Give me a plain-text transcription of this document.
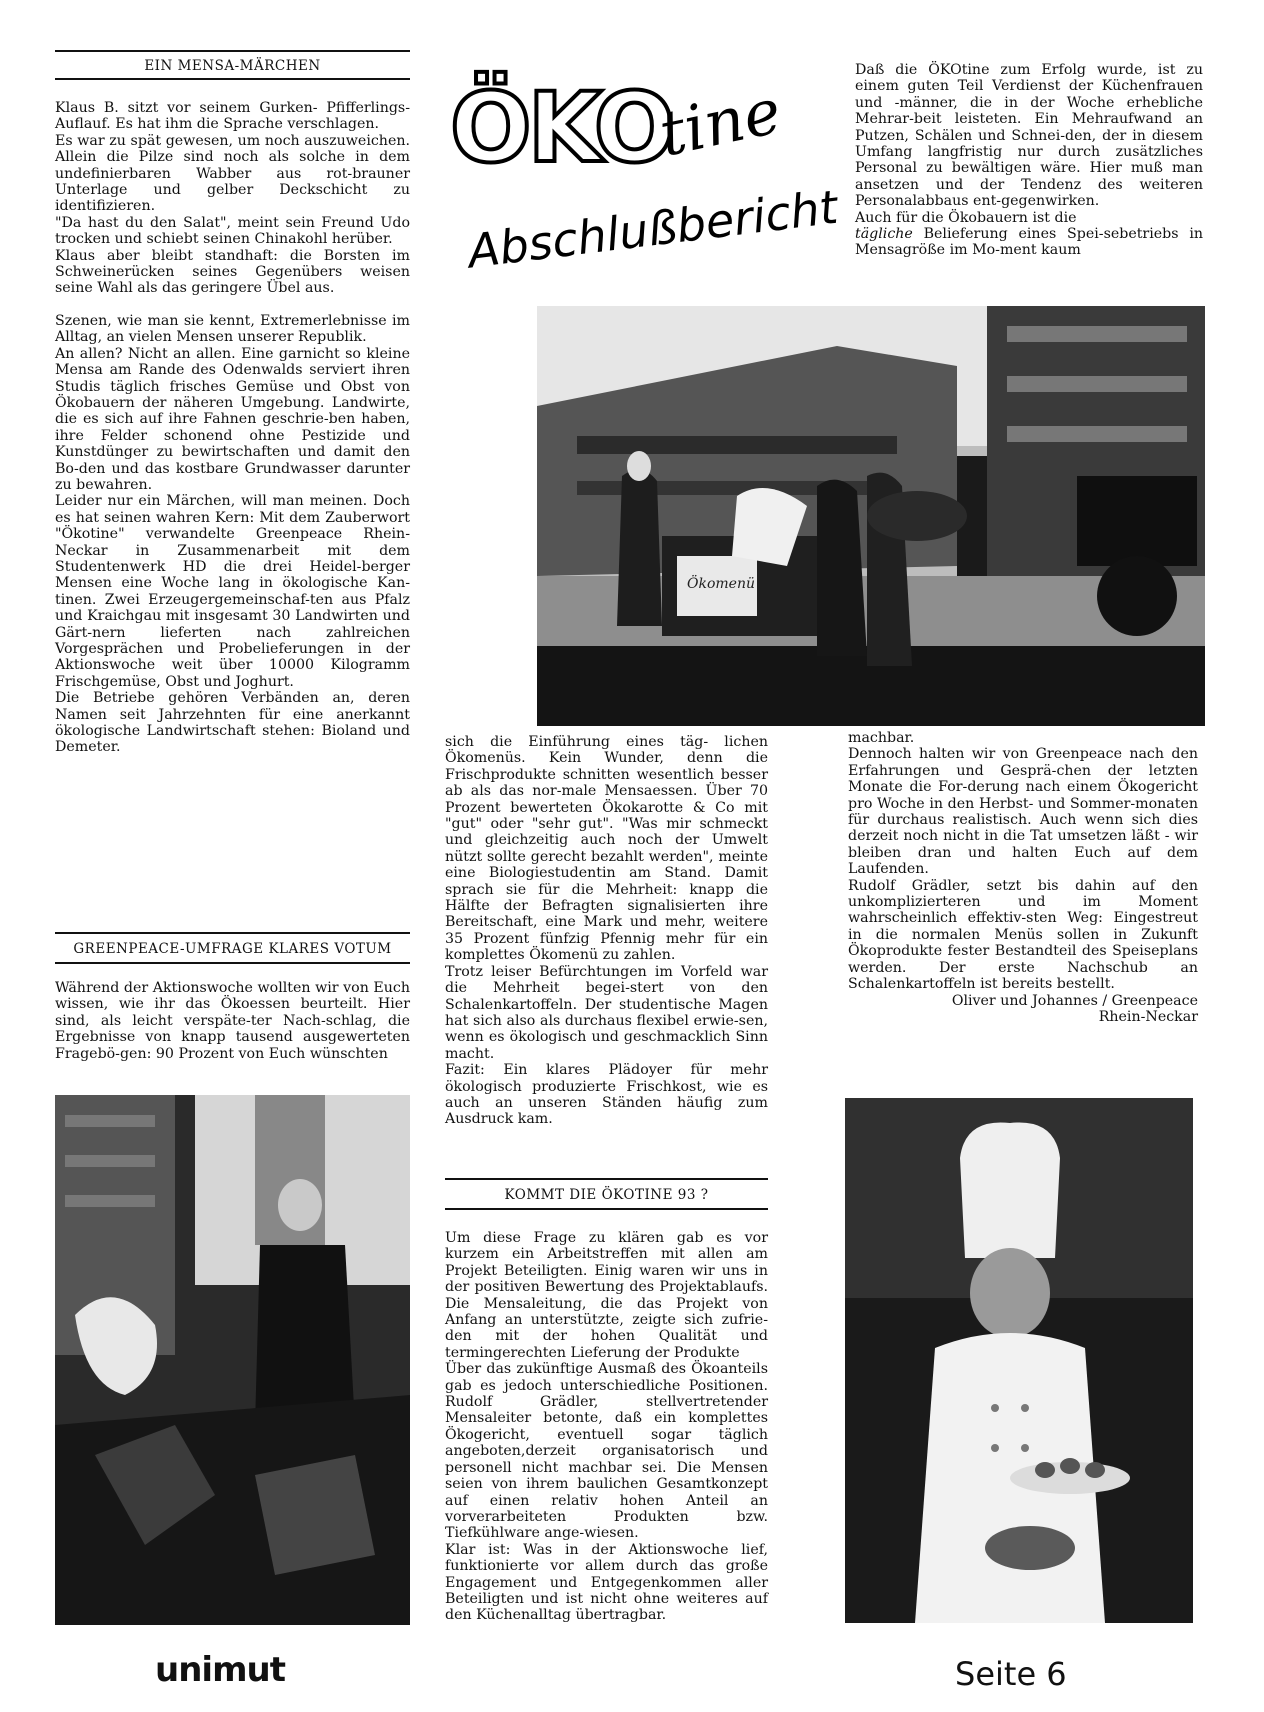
EIN MENSA-MÄRCHEN

Klaus B. sitzt vor seinem Gurken- Pfifferlings-Auflauf. Es hat ihm die Sprache verschlagen.

Es war zu spät gewesen, um noch auszuweichen. Allein die Pilze sind noch als solche in dem undefinierbaren Wabber aus rot-brauner Unterlage und gelber Deckschicht zu identifizieren.

"Da hast du den Salat", meint sein Freund Udo trocken und schiebt seinen Chinakohl herüber.

Klaus aber bleibt standhaft: die Borsten im Schweinerücken seines Gegenübers weisen seine Wahl als das geringere Übel aus.

Szenen, wie man sie kennt, Extremerlebnisse im Alltag, an vielen Mensen unserer Republik.

An allen? Nicht an allen. Eine garnicht so kleine Mensa am Rande des Odenwalds serviert ihren Studis täglich frisches Gemüse und Obst von Ökobauern der näheren Umgebung. Landwirte, die es sich auf ihre Fahnen geschrie-ben haben, ihre Felder schonend ohne Pestizide und Kunstdünger zu bewirtschaften und damit den Bo-den und das kostbare Grundwasser darunter zu bewahren.

Leider nur ein Märchen, will man meinen. Doch es hat seinen wahren Kern: Mit dem Zauberwort "Ökotine" verwandelte Greenpeace Rhein-Neckar in Zusammenarbeit mit dem Studentenwerk HD die drei Heidel-berger Mensen eine Woche lang in ökologische Kan-tinen. Zwei Erzeugergemeinschaf-ten aus Pfalz und Kraichgau mit insgesamt 30 Landwirten und Gärt-nern lieferten nach zahlreichen Vorgesprächen und Probelieferungen in der Aktionswoche weit über 10000 Kilogramm Frischgemüse, Obst und Joghurt.

Die Betriebe gehören Verbänden an, deren Namen seit Jahrzehnten für eine anerkannt ökologische Landwirtschaft stehen: Bioland und Demeter.

GREENPEACE-UMFRAGE KLARES VOTUM

Während der Aktionswoche wollten wir von Euch wissen, wie ihr das Ökoessen beurteilt. Hier sind, als leicht verspäte-ter Nach-schlag, die Ergebnisse von knapp tausend ausgewerteten Fragebö-gen: 90 Prozent von Euch wünschten

unimut
ÖKO
tine
Abschlußbericht
Ökomenü

sich die Einführung eines täg- lichen Ökomenüs. Kein Wunder, denn die Frischprodukte schnitten wesentlich besser ab als das nor-male Mensaessen. Über 70 Prozent bewerteten Ökokarotte & Co mit "gut" oder "sehr gut". "Was mir schmeckt und gleichzeitig auch noch der Umwelt nützt sollte gerecht bezahlt werden", meinte eine Biologiestudentin am Stand. Damit sprach sie für die Mehrheit: knapp die Hälfte der Befragten signalisierten ihre Bereitschaft, eine Mark und mehr, weitere 35 Prozent fünfzig Pfennig mehr für ein komplettes Ökomenü zu zahlen.

Trotz leiser Befürchtungen im Vorfeld war die Mehrheit begei-stert von den Schalenkartoffeln. Der studentische Magen hat sich also als durchaus flexibel erwie-sen, wenn es ökologisch und geschmacklich Sinn macht.

Fazit: Ein klares Plädoyer für mehr ökologisch produzierte Frischkost, wie es auch an unseren Ständen häufig zum Ausdruck kam.

KOMMT DIE ÖKOTINE 93 ?

Um diese Frage zu klären gab es vor kurzem ein Arbeitstreffen mit allen am Projekt Beteiligten. Einig waren wir uns in der positiven Bewertung des Projektablaufs. Die Mensaleitung, die das Projekt von Anfang an unterstützte, zeigte sich zufrie-den mit der hohen Qualität und termingerechten Lieferung der Produkte

Über das zukünftige Ausmaß des Ökoanteils gab es jedoch unterschiedliche Positionen. Rudolf Grädler, stellvertretender Mensaleiter betonte, daß ein komplettes Ökogericht, eventuell sogar täglich angeboten,derzeit organisatorisch und personell nicht machbar sei. Die Mensen seien von ihrem baulichen Gesamtkonzept auf einen relativ hohen Anteil an vorverarbeiteten Produkten bzw. Tiefkühlware ange-wiesen.

Klar ist: Was in der Aktionswoche lief, funktionierte vor allem durch das große Engagement und Entgegenkommen aller Beteiligten und ist nicht ohne weiteres auf den Küchenalltag übertragbar.

Daß die ÖKOtine zum Erfolg wurde, ist zu einem guten Teil Verdienst der Küchenfrauen und -männer, die in der Woche erhebliche Mehrar-beit leisteten. Ein Mehraufwand an Putzen, Schälen und Schnei-den, der in diesem Umfang langfristig nur durch zusätzliches Personal zu bewältigen wäre. Hier muß man ansetzen und der Tendenz des weiteren Personalabbaus ent-gegenwirken.

Auch für die Ökobauern ist die

tägliche Belieferung eines Spei-sebetriebs in Mensagröße im Mo-ment kaum

machbar.

Dennoch halten wir von Greenpeace nach den Erfahrungen und Gesprä-chen der letzten Monate die For-derung nach einem Ökogericht pro Woche in den Herbst- und Sommer-monaten für durchaus realistisch. Auch wenn sich dies derzeit noch nicht in die Tat umsetzen läßt - wir bleiben dran und halten Euch auf dem Laufenden.

Rudolf Grädler, setzt bis dahin auf den unkomplizierteren und im Moment wahrscheinlich effektiv-sten Weg: Eingestreut in die normalen Menüs sollen in Zukunft Ökoprodukte fester Bestandteil des Speiseplans werden. Der erste Nachschub an Schalenkartoffeln ist bereits bestellt.

Oliver und Johannes / Greenpeace

Rhein-Neckar

Seite 6
